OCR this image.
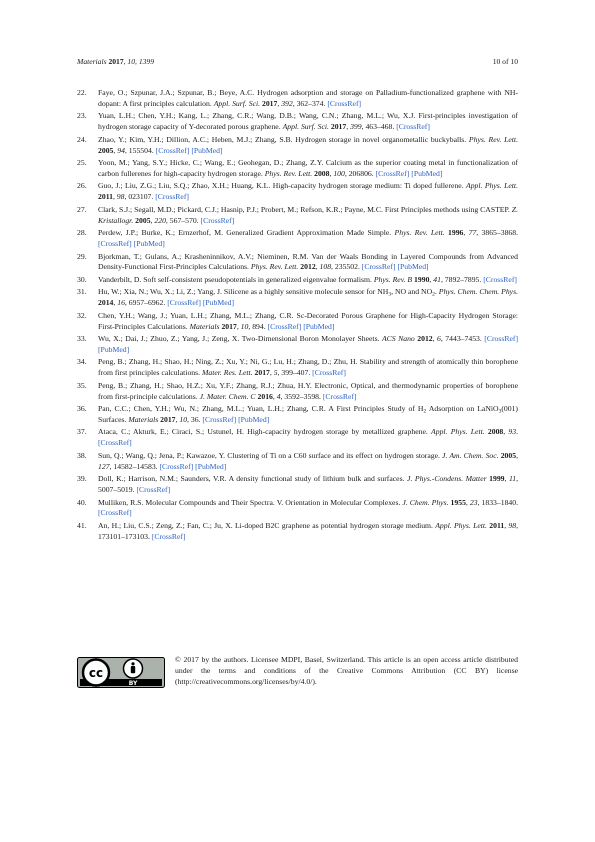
Materials 2017, 10, 1399	10 of 10
22.	Faye, O.; Szpunar, J.A.; Szpunar, B.; Beye, A.C. Hydrogen adsorption and storage on Palladium-functionalized graphene with NH-dopant: A first principles calculation. Appl. Surf. Sci. 2017, 392, 362–374. [CrossRef]
23.	Yuan, L.H.; Chen, Y.H.; Kang, L.; Zhang, C.R.; Wang, D.B.; Wang, C.N.; Zhang, M.L.; Wu, X.J. First-principles investigation of hydrogen storage capacity of Y-decorated porous graphene. Appl. Surf. Sci. 2017, 399, 463–468. [CrossRef]
24.	Zhao, Y.; Kim, Y.H.; Dillion, A.C.; Heben, M.J.; Zhang, S.B. Hydrogen storage in novel organometallic buckyballs. Phys. Rev. Lett. 2005, 94, 155504. [CrossRef] [PubMed]
25.	Yoon, M.; Yang, S.Y.; Hicke, C.; Wang, E.; Geohegan, D.; Zhang, Z.Y. Calcium as the superior coating metal in functionalization of carbon fullerenes for high-capacity hydrogen storage. Phys. Rev. Lett. 2008, 100, 206806. [CrossRef] [PubMed]
26.	Guo, J.; Liu, Z.G.; Liu, S.Q.; Zhao, X.H.; Huang, K.L. High-capacity hydrogen storage medium: Ti doped fullerene. Appl. Phys. Lett. 2011, 98, 023107. [CrossRef]
27.	Clark, S.J.; Segall, M.D.; Pickard, C.J.; Hasnip, P.J.; Probert, M.; Refson, K.R.; Payne, M.C. First Principles methods using CASTEP. Z. Kristallogr. 2005, 220, 567–570. [CrossRef]
28.	Perdew, J.P.; Burke, K.; Ernzerhof, M. Generalized Gradient Approximation Made Simple. Phys. Rev. Lett. 1996, 77, 3865–3868. [CrossRef] [PubMed]
29.	Bjorkman, T.; Gulans, A.; Krasheninnikov, A.V.; Nieminen, R.M. Van der Waals Bonding in Layered Compounds from Advanced Density-Functional First-Principles Calculations. Phys. Rev. Lett. 2012, 108, 235502. [CrossRef] [PubMed]
30.	Vanderbilt, D. Soft self-consistent pseudopotentials in generalized eigenvalue formalism. Phys. Rev. B 1990, 41, 7892–7895. [CrossRef]
31.	Hu, W.; Xia, N.; Wu, X.; Li, Z.; Yang, J. Silicene as a highly sensitive molecule sensor for $NH_3$, NO and $NO_2$. Phys. Chem. Chem. Phys. 2014, 16, 6957–6962. [CrossRef] [PubMed]
32.	Chen, Y.H.; Wang, J.; Yuan, L.H.; Zhang, M.L.; Zhang, C.R. Sc-Decorated Porous Graphene for High-Capacity Hydrogen Storage: First-Principles Calculations. Materials 2017, 10, 894. [CrossRef] [PubMed]
33.	Wu, X.; Dai, J.; Zhuo, Z.; Yang, J.; Zeng, X. Two-Dimensional Boron Monolayer Sheets. ACS Nano 2012, 6, 7443–7453. [CrossRef] [PubMed]
34.	Peng, B.; Zhang, H.; Shao, H.; Ning, Z.; Xu, Y.; Ni, G.; Lu, H.; Zhang, D.; Zhu, H. Stability and strength of atomically thin borophene from first principles calculations. Mater. Res. Lett. 2017, 5, 399–407. [CrossRef]
35.	Peng, B.; Zhang, H.; Shao, H.Z.; Xu, Y.F.; Zhang, R.J.; Zhua, H.Y. Electronic, Optical, and thermodynamic properties of borophene from first-principle calculations. J. Mater. Chem. C 2016, 4, 3592–3598. [CrossRef]
36.	Pan, C.C.; Chen, Y.H.; Wu, N.; Zhang, M.L.; Yuan, L.H.; Zhang, C.R. A First Principles Study of $H_2$ Adsorption on LaNiO$_3$(001) Surfaces. Materials 2017, 10, 36. [CrossRef] [PubMed]
37.	Ataca, C.; Akturk, E.; Ciraci, S.; Ustunel, H. High-capacity hydrogen storage by metallized graphene. Appl. Phys. Lett. 2008, 93. [CrossRef]
38.	Sun, Q.; Wang, Q.; Jena, P.; Kawazoe, Y. Clustering of Ti on a C60 surface and its effect on hydrogen storage. J. Am. Chem. Soc. 2005, 127, 14582–14583. [CrossRef] [PubMed]
39.	Doll, K.; Harrison, N.M.; Saunders, V.R. A density functional study of lithium bulk and surfaces. J. Phys.-Condens. Matter 1999, 11, 5007–5019. [CrossRef]
40.	Mulliken, R.S. Molecular Compounds and Their Spectra. V. Orientation in Molecular Complexes. J. Chem. Phys. 1955, 23, 1833–1840. [CrossRef]
41.	An, H.; Liu, C.S.; Zeng, Z.; Fan, C.; Ju, X. Li-doped B2C graphene as potential hydrogen storage medium. Appl. Phys. Lett. 2011, 98, 173101–173103. [CrossRef]
cc
BY
© 2017 by the authors. Licensee MDPI, Basel, Switzerland. This article is an open access article distributed under the terms and conditions of the Creative Commons Attribution (CC BY) license (http://creativecommons.org/licenses/by/4.0/).
